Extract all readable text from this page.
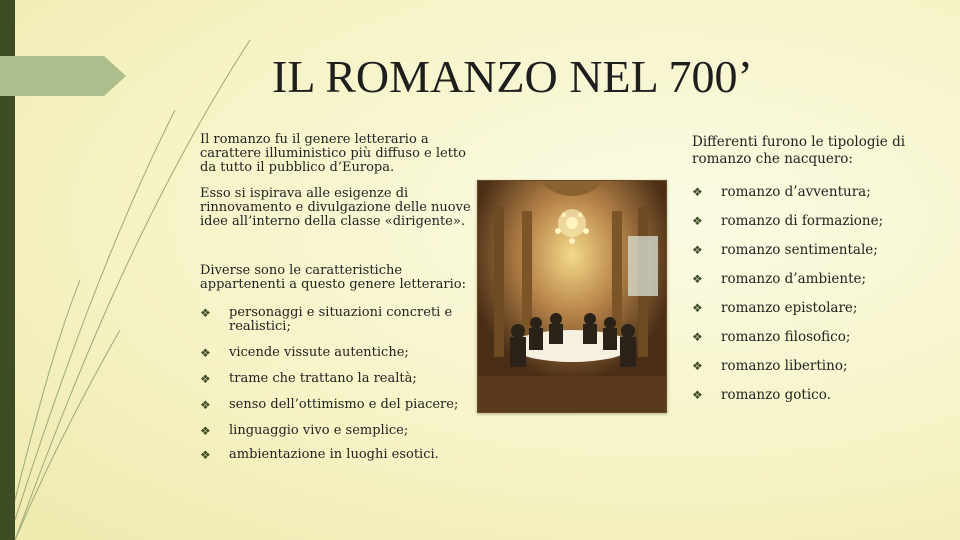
IL ROMANZO NEL 700’

Il romanzo fu il genere letterario a carattere illuministico più diffuso e letto da tutto il pubblico d’Europa.

Esso si ispirava alle esigenze di rinnovamento e divulgazione delle nuove idee all’interno della classe «dirigente».

Diverse sono le caratteristiche appartenenti a questo genere letterario:

❖ personaggi e situazioni concreti e realistici;
❖ vicende vissute autentiche;
❖ trame che trattano la realtà;
❖ senso dell’ottimismo e del piacere;
❖ linguaggio vivo e semplice;
❖ ambientazione in luoghi esotici.

Differenti furono le tipologie di romanzo che nacquero:

❖ romanzo d’avventura;
❖ romanzo di formazione;
❖ romanzo sentimentale;
❖ romanzo d’ambiente;
❖ romanzo epistolare;
❖ romanzo filosofico;
❖ romanzo libertino;
❖ romanzo gotico.
